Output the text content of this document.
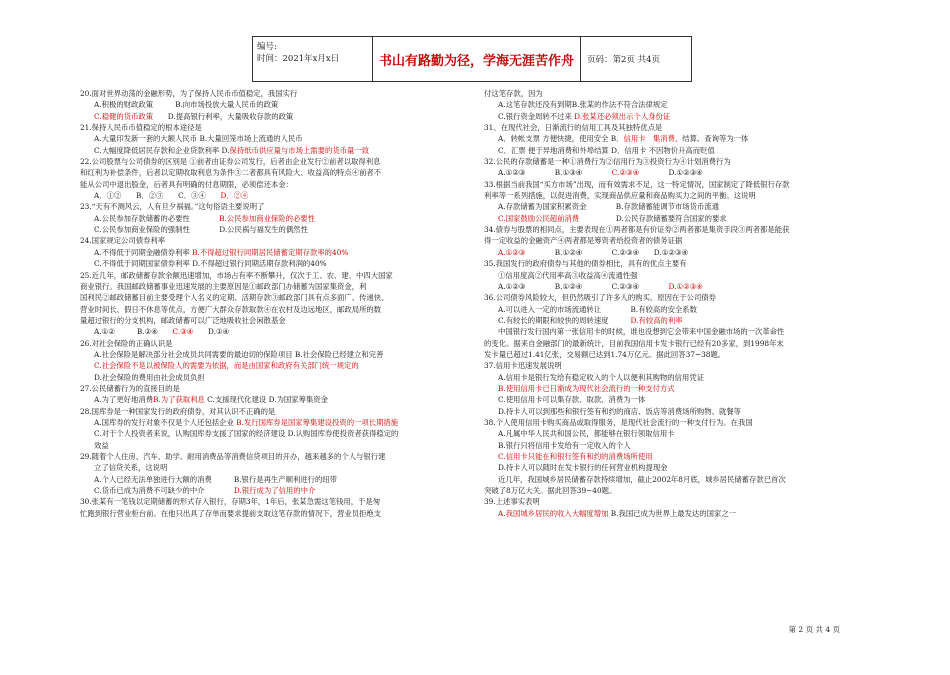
编号:
时间：2021年x月x日	书山有路勤为径，学海无涯苦作舟	页码：第2页 共4页
20.面对世界动荡的金融形势，为了保持人民币币值稳定，我国实行
A.积极的财政政策　　　B.向市场投放大量人民币的政策
C.稳健的货币政策　　D.提高银行利率，大量吸收存款的政策
21.保持人民币币值稳定的根本途径是
A.大量印发新一套的大额人民币 B.大量回笼市场上流通的人民币
C.大幅度降低居民存款和企业贷款利率 D.保持纸币供应量与市场上需要的货币量一致
22.公司股票与公司债券的区别是 ①前者由证券公司发行，后者由企业发行②前者以取得利息
和红利为补偿条件，后者以定期收取利息为条件③二者都具有风险大、收益高的特点④前者不
能从公司中退出股金，后者具有明确的付息期限，必须偿还本金：
A．①②　　B．②③　　C．③④　　D．②④
23.“天有不测风云，人有旦夕祸福。”这句俗语主要说明了
A.公民参加存款储蓄的必要性　　　　B.公民参加商业保险的必要性
C.公民参加商业保险的强制性　　　　D.公民祸与福发生的偶然性
24.国家规定公司债券利率
A.不得低于同期金融债券利率 B.不得超过银行同期居民储蓄定期存款率的40%
C.不得低于同期国家债券利率 D.不得超过银行同期活期存款利润的40%
25.近几年，邮政储蓄存款余额迅速增加，市场占有率不断攀升，仅次于工、农、建、中四大国家
商业银行。我国邮政储蓄事业迅速发展的主要原因是①邮政部门办储蓄为国家集资金，利
国利民②邮政储蓄目前主要受理个人名义的定期、活期存款③邮政部门具有点多面广、传递快、
营业时间长、假日不休息等优点，方便广大群众存款取款④在农村及边远地区，邮政局所的数
量超过银行的分支机构，邮政储蓄可以广泛地吸收社会闲散基金
A.①②　　　B.②④　　C.③④　　D.①④
26.对社会保险的正确认识是
A.社会保险是解决部分社会成员共同需要的最迫切的保险项目 B.社会保险已经建立和完善
C.社会保险不是以被保险人的需要为依据，而是由国家和政府有关部门统一规定的
D.社会保险的费用由社会成员负担
27.公民储蓄行为的直接目的是
A.为了更好地消费B.为了获取利息 C.支援现代化建设 D.为国家筹集资金
28.国库券是一种国家发行的政府债券，对其认识不正确的是
A.国库券的发行对象不仅是个人还包括企业 B.发行国库券是国家筹集建设投资的一项长期措施
C.对于个人投资者来说，认购国库券支援了国家的经济建设 D.认购国库券使投资者获得稳定的
效益
29.随着个人住房、汽车、助学、耐用消费品等消费信贷项目的开办，越来越多的个人与银行建
立了信贷关系，这说明
A.个人已经无法单独进行大额的消费　　　B.银行是再生产顺利进行的纽带
C.货币已成为消费不可缺少的中介　　　　D.银行成为了信用的中介
30.张某有一笔钱以定期储蓄的形式存入银行，存期3年，1年后，张某急需这笔钱用，于是匆
忙跑到银行营业柜台前。在他只出具了存单而要求提前支取这笔存款的情况下，营业员拒绝支
付这笔存款，因为
A.这笔存款还没有到期B.张某的作法不符合法律规定
C.银行资金周转不过来 D.张某还必须出示个人身份证
31、在现代社会，日渐流行的信用工具及其独特优点是
A．转帐支票 方便快捷，使用安全 B．信用卡　集消费、结算、查询等为一体
C．汇票 便于异地消费和外埠结算 D．信用卡 不因物价升高而贬值
32.公民的存款储蓄是一种①消费行为②信用行为③投资行为④计划消费行为
A.①②③　　　　B.①③④　　　　C.②③④　　　　D.①②③④
33.根据当前我国“买方市场”出现，而有效需求不足，这一特定情况，国家制定了降低银行存款
利率等一系列措施，以促进消费，实现商品供应量和商品购买力之间的平衡。这说明
A.存款储蓄为国家积累资金　　　　B.存款储蓄能调节市场货币流通
C.国家鼓励公民超前消费　　　　　D.公民存款储蓄要符合国家的要求
34.债券与股票的相同点，主要表现在①两者都是有价证券②两者都是集资手段③两者都是能获
得一定收益的金融资产④两者都是筹资者给投资者的债务证据
A.①②③　　　　B.①②④　　　　C.②③④　　D.①②③④
35.我国发行的政府债券与其他的债券相比，具有的优点主要有
①信用度高②代用率高③收益高④流通性强
A.①②③　　　　B.①②④　　　　C.②③④　　　　D.①②③④
36.公司债券风险较大，但仍然吸引了许多人的购买。原因在于公司债券
A.可以进入一定的市场流通转让　　　　B.有较高的安全系数
C.有较长的期限和较快的周转速度　　　D.有较高的利率
中国银行发行国内第一张信用卡的时候，谁也没想到它会带来中国金融市场的一次革命性
的变化。据来自金融部门的最新统计，目前我国信用卡发卡银行已经有20多家，到1998年末
发卡量已超过1.41亿张，交易额已达到1.74万亿元。据此回答37~38题。
37.信用卡迅速发展说明
A.信用卡是银行发给有稳定收入的个人以便利其购物的信用凭证
B.使用信用卡已日渐成为现代社会流行的一种支付方式
C.使用信用卡可以集存款、取款、消费为一体
D.持卡人可以到那些和银行签有和约的商店、饭店等消费场所购物、就餐等
38.个人使用信用卡购买商品或取得服务，是现代社会流行的一种支付行为。在我国
A.凡属中华人民共和国公民，都能够在银行领取信用卡
B.银行只将信用卡发给有一定收入的个人
C.信用卡只能在和银行签有和约的消费场所使用
D.持卡人可以随时在发卡银行的任何营业机构提现金
近几年，我国城乡居民储蓄存款持续增加，截止2002年8月底，城乡居民储蓄存款已首次
突破了8万亿大关。据此回答39~40题。
39.上述事实表明
A.我国城乡居民的收入大幅度增加 B.我国已成为世界上最发达的国家之一
第 2 页 共 4 页
